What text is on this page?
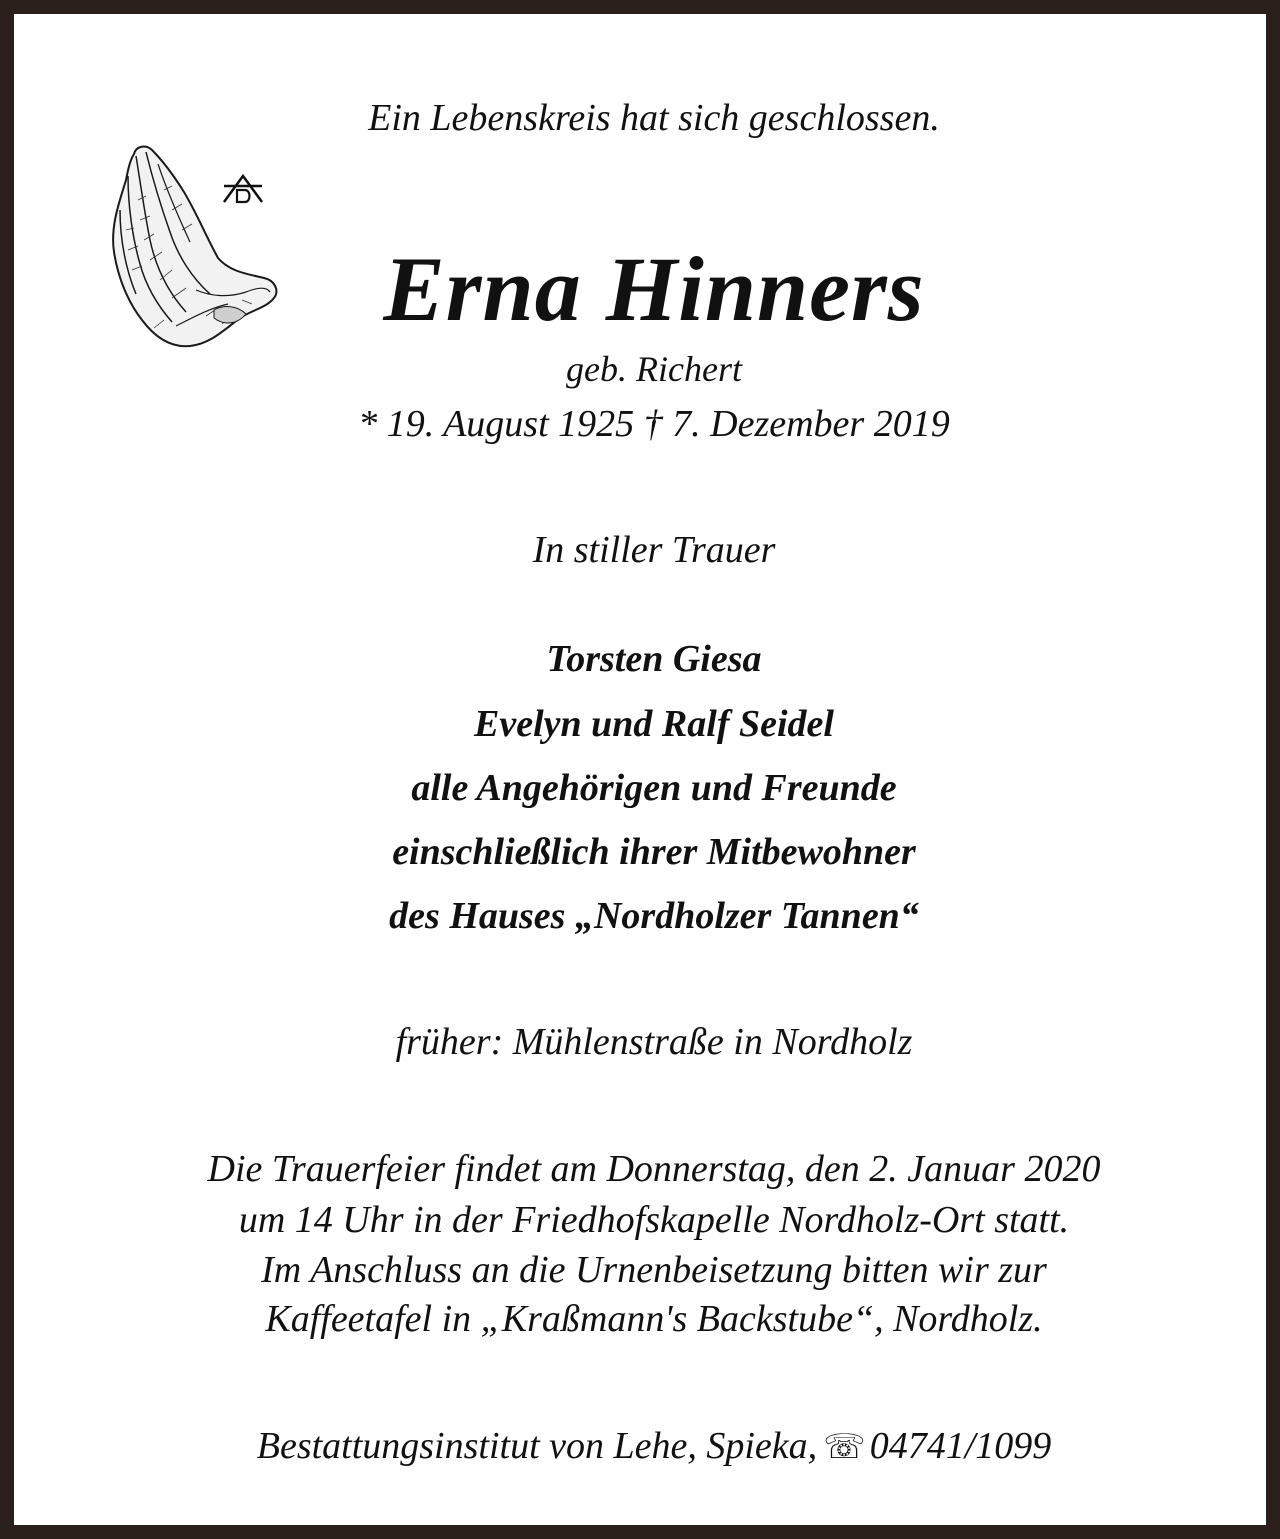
Ein Lebenskreis hat sich geschlossen.
Erna Hinners
geb. Richert
* 19. August 1925 † 7. Dezember 2019
In stiller Trauer
Torsten Giesa
Evelyn und Ralf Seidel
alle Angehörigen und Freunde
einschließlich ihrer Mitbewohner
des Hauses „Nordholzer Tannen“
früher: Mühlenstraße in Nordholz
Die Trauerfeier findet am Donnerstag, den 2. Januar 2020
um 14 Uhr in der Friedhofskapelle Nordholz-Ort statt.
Im Anschluss an die Urnenbeisetzung bitten wir zur
Kaffeetafel in „Kraßmann's Backstube“, Nordholz.
Bestattungsinstitut von Lehe, Spieka, ☏ 04741/1099
